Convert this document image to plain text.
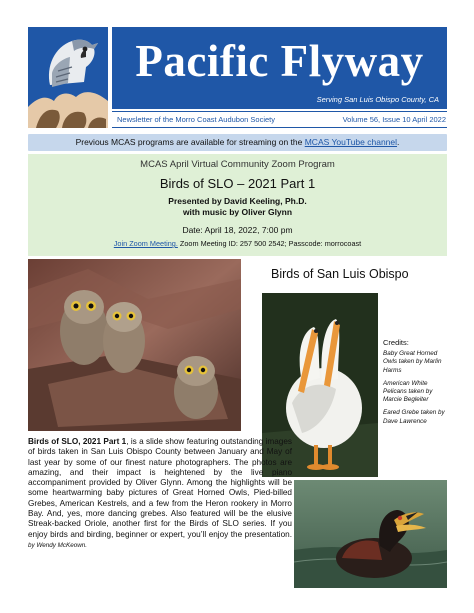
Pacific Flyway
Serving San Luis Obispo County, CA
Newsletter of the Morro Coast Audubon Society	Volume 56, Issue 10 April 2022
Previous MCAS programs are available for streaming on the MCAS YouTube channel.
MCAS April Virtual Community Zoom Program
Birds of SLO – 2021 Part 1
Presented by David Keeling, Ph.D.
with music by Oliver Glynn
Date: April 18, 2022, 7:00 pm
Join Zoom Meeting. Zoom Meeting ID: 257 500 2542; Passcode: morrocoast
Birds of San Luis Obispo
Credits:

Baby Great Horned Owls taken by Marlin Harms

American White Pelicans taken by Marcie Begleiter

Eared Grebe taken by Dave Lawrence

Birds of SLO, 2021 Part 1, is a slide show featuring outstanding images of birds taken in San Luis Obispo County between January and May of last year by some of our finest nature photographers. The photos are amazing, and their impact is heightened by the live piano accompaniment provided by Oliver Glynn. Among the highlights will be some heartwarming baby pictures of Great Horned Owls, Pied-billed Grebes, American Kestrels, and a few from the Heron rookery in Morro Bay. And, yes, more dancing grebes. Also featured will be the elusive Streak-backed Oriole, another first for the Birds of SLO series. If you enjoy birds and birding, beginner or expert, you’ll enjoy the presentation. by Wendy McKeown.
